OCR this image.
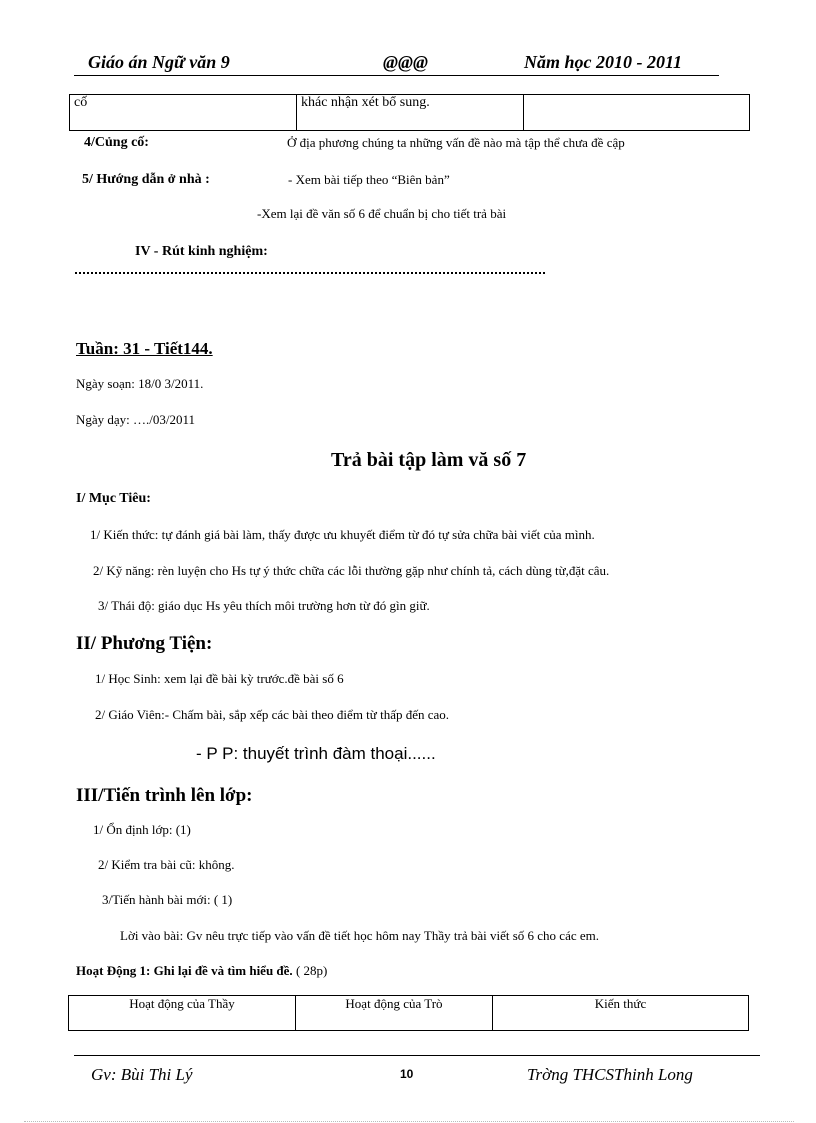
Giáo án Ngữ văn 9	@@@	Năm học 2010 - 2011
cố	khác nhận xét bổ sung.	
4/Củng cố:	Ở địa phương chúng ta những vấn đề nào mà tập thể chưa đề cập
5/ Hướng dẫn ở nhà :	- Xem bài tiếp theo “Biên bản”
-Xem lại đề văn số 6 để chuẩn bị cho tiết trả bài
IV - Rút kinh nghiệm:
Tuần: 31 - Tiết144.
Ngày soạn: 18/0 3/2011.
Ngày dạy: …./03/2011
Trả bài tập làm vă số 7
I/ Mục Tiêu:
1/ Kiến thức: tự đánh giá bài làm, thấy được ưu khuyết điểm từ đó tự sửa chữa bài viết của mình.
2/ Kỹ năng: rèn luyện cho Hs tự ý thức chữa các lỗi thường gặp như chính tả, cách dùng từ,đặt câu.
3/ Thái độ: giáo dục Hs yêu thích môi trường hơn từ đó gìn giữ.
II/ Phương Tiện:
1/ Học Sinh: xem lại đề bài kỳ trước.đề bài số 6
2/ Giáo Viên:- Chấm bài, sắp xếp các bài theo điểm từ thấp đến cao.
- P P: thuyết trình đàm thoại......
III/Tiến trình lên lớp:
1/ Ổn định lớp: (1)
2/ Kiểm tra bài cũ: không.
3/Tiến hành bài mới: ( 1)
Lời vào bài: Gv nêu trực tiếp vào vấn đề tiết học hôm nay Thầy trả bài viết số 6 cho các em.
Hoạt Động 1: Ghi lại đề và tìm hiểu đề. ( 28p)
Hoạt động của Thầy	Hoạt động của Trò	Kiến thức
Gv: Bùi Thi Lý	10	Trờng THCSThinh Long
